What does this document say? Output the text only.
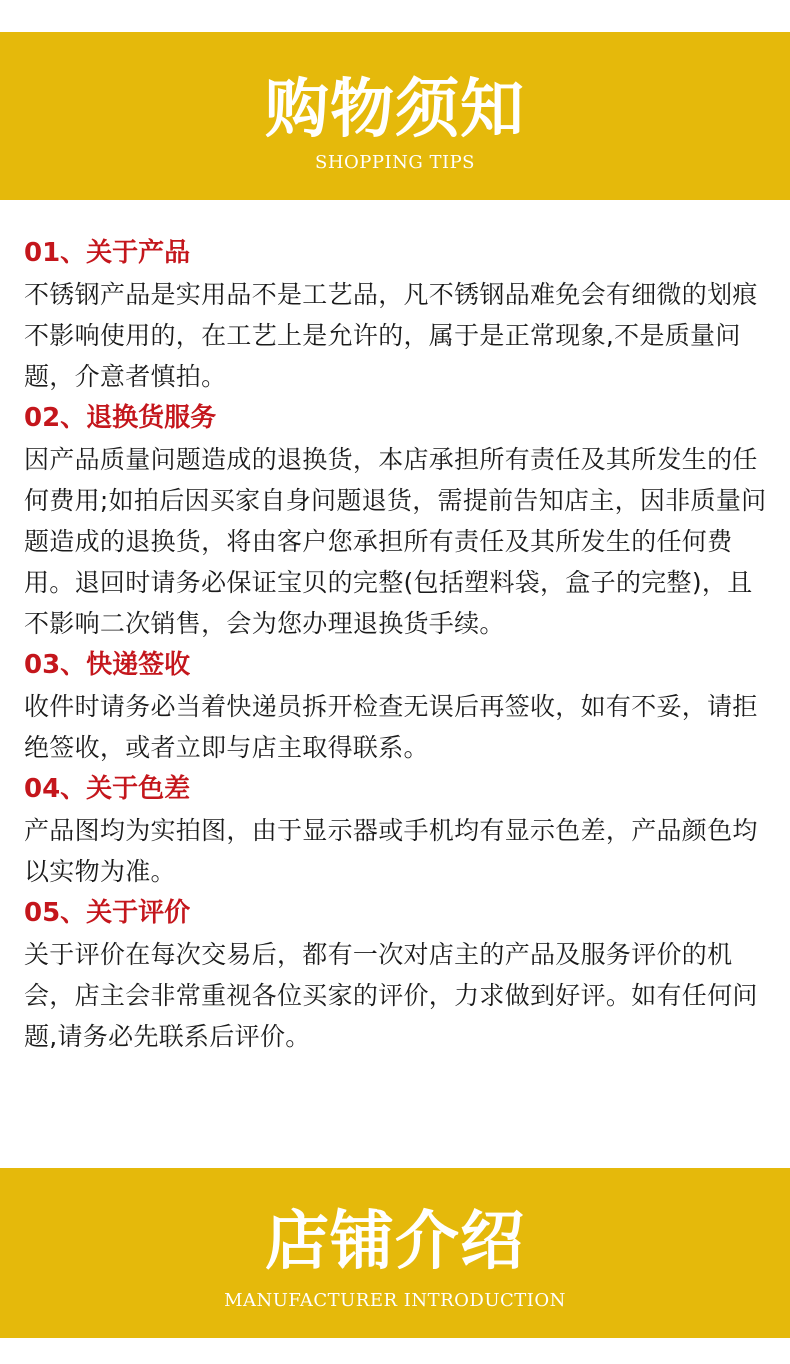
购物须知
SHOPPING TIPS
01、关于产品

不锈钢产品是实用品不是工艺品，凡不锈钢品难免会有细微的划痕不影响使用的，在工艺上是允许的，属于是正常现象,不是质量问题，介意者慎拍。

02、退换货服务

因产品质量问题造成的退换货，本店承担所有责任及其所发生的任何费用;如拍后因买家自身问题退货，需提前告知店主，因非质量问题造成的退换货，将由客户您承担所有责任及其所发生的任何费用。退回时请务必保证宝贝的完整(包括塑料袋，盒子的完整)，且不影响二次销售，会为您办理退换货手续。

03、快递签收

收件时请务必当着快递员拆开检查无误后再签收，如有不妥，请拒绝签收，或者立即与店主取得联系。

04、关于色差

产品图均为实拍图，由于显示器或手机均有显示色差，产品颜色均以实物为准。

05、关于评价

关于评价在每次交易后，都有一次对店主的产品及服务评价的机会，店主会非常重视各位买家的评价，力求做到好评。如有任何问题,请务必先联系后评价。

店铺介绍
MANUFACTURER INTRODUCTION
